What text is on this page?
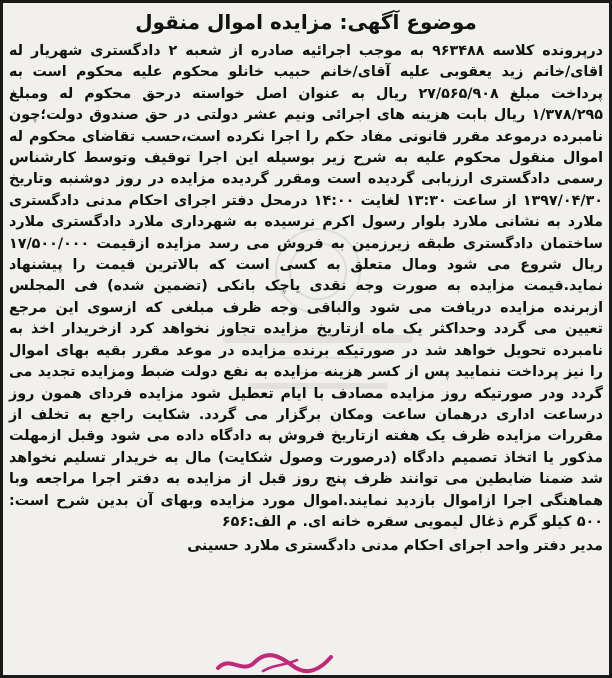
موضوع آگهی: مزایده اموال منقول

درپرونده کلاسه ۹۶۳۴۸۸ به موجب اجرائیه صادره از شعبه ۲ دادگستری شهریار له اقای/خانم زید یعقوبی علیه آقای/خانم حبیب خانلو محکوم علیه محکوم است به پرداخت مبلغ ۲۷/۵۶۵/۹۰۸ ریال به عنوان اصل خواسته درحق محکوم له ومبلغ ۱/۳۷۸/۲۹۵ ریال بابت هزینه های اجرائی ونیم عشر دولتی در حق صندوق دولت؛چون نامبرده درموعد مقرر قانونی مفاد حکم را اجرا نکرده است،حسب تقاضای محکوم له اموال منقول محکوم علیه به شرح زیر بوسیله این اجرا توقیف وتوسط کارشناس رسمی دادگستری ارزیابی گردیده است ومقرر گردیده مزایده در روز دوشنبه وتاریخ ۱۳۹۷/۰۴/۳۰ از ساعت ۱۳:۳۰ لغایت ۱۴:۰۰ درمحل دفتر اجرای احکام مدنی دادگستری ملارد به نشانی ملارد بلوار رسول اکرم نرسیده به شهرداری ملارد دادگستری ملارد ساختمان دادگستری طبقه زیرزمین به فروش می رسد مزایده ازقیمت ۱۷/۵۰۰/۰۰۰ ریال شروع می شود ومال متعلق به کسی است که بالاترین قیمت را پیشنهاد نماید.قیمت مزایده به صورت وجه نقدی یاچک بانکی (تضمین شده) فی المجلس ازبرنده مزایده دریافت می شود والباقی وجه ظرف مبلغی که ازسوی این مرجع تعیین می گردد وحداکثر یک ماه ازتاریخ مزایده تجاوز نخواهد کرد ازخریدار اخذ به نامبرده تحویل خواهد شد در صورتیکه برنده مزایده در موعد مقرر بقیه بهای اموال را نیز پرداخت ننمایید پس از کسر هزینه مزایده به نفع دولت ضبط ومزایده تجدید می گردد ودر صورتیکه روز مزایده مصادف با ایام تعطیل شود مزایده فردای همون روز درساعت اداری درهمان ساعت ومکان برگزار می گردد. شکایت راجع به تخلف از مقررات مزایده ظرف یک هفته ازتاریخ فروش به دادگاه داده می شود وقبل ازمهلت مذکور یا اتخاذ تصمیم دادگاه (درصورت وصول شکایت) مال به خریدار تسلیم نخواهد شد ضمنا ضابطین می توانند ظرف پنج روز قبل از مزایده به دفتر اجرا مراجعه وبا هماهنگی اجرا ازاموال بازدید نمایند.اموال مورد مزایده وبهای آن بدین شرح است: ۵۰۰ کیلو گرم ذغال لیمویی سفره خانه ای. م الف:۶۵۶

مدیر دفتر واحد اجرای احکام مدنی دادگستری ملارد حسینی
